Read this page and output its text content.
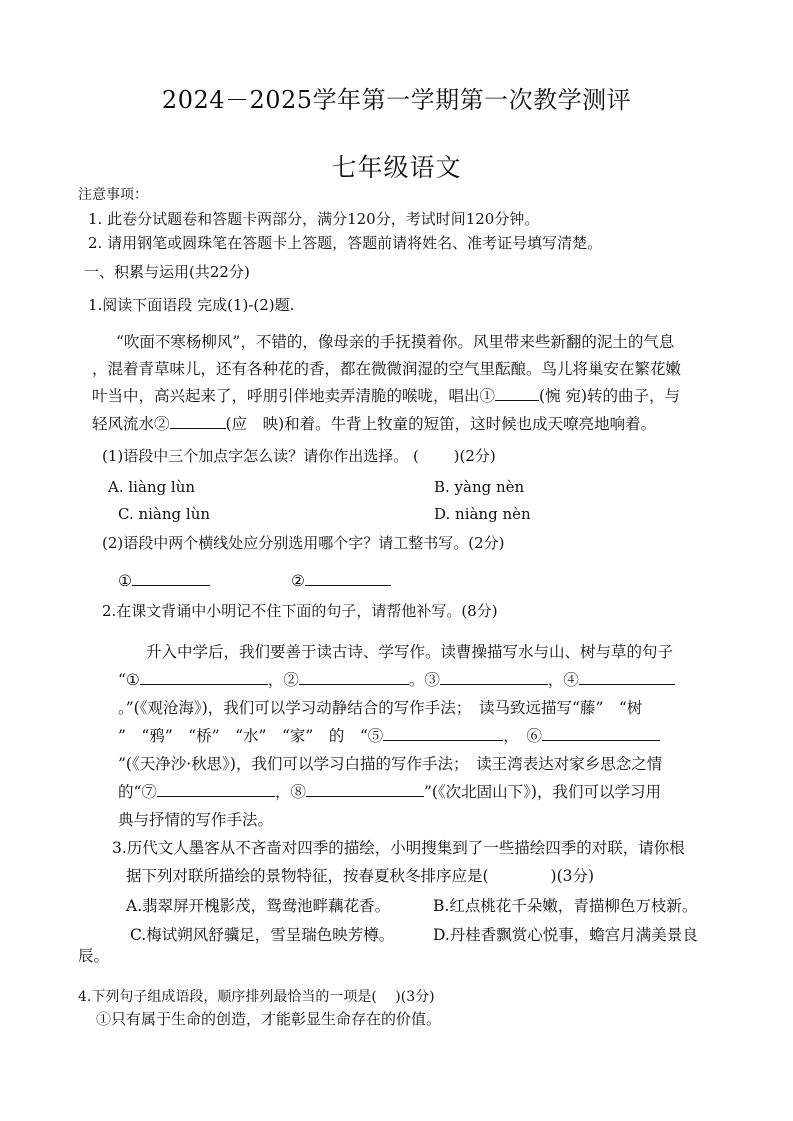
2024－2025学年第一学期第一次教学测评
七年级语文
注意事项：
1. 此卷分试题卷和答题卡两部分，满分120分，考试时间120分钟。
2. 请用钢笔或圆珠笔在答题卡上答题，答题前请将姓名、准考证号填写清楚。
一、积累与运用(共22分)
1.阅读下面语段 完成(1)-(2)题.
“吹面不寒杨柳风”，不错的，像母亲的手抚摸着你。风里带来些新翻的泥土的气息
，混着青草味儿，还有各种花的香，都在微微润湿的空气里酝酿。鸟儿将巢安在繁花嫩
叶当中，高兴起来了，呼朋引伴地卖弄清脆的喉咙，唱出①	(惋 宛)转的曲子，与
轻风流水②	(应　映)和着。牛背上牧童的短笛，这时候也成天嘹亮地响着。
(1)语段中三个加点字怎么读？请你作出选择。 (　　 )(2分)
A. liàng lùn	B. yàng nèn
C. niàng lùn	D. niàng nèn
(2)语段中两个横线处应分别选用哪个字？请工整书写。(2分)
①	②
2.在课文背诵中小明记不住下面的句子，请帮他补写。(8分)
升入中学后，我们要善于读古诗、学写作。读曹操描写水与山、树与草的句子
“①	，②	。③	，④
。”(《观沧海》)，我们可以学习动静结合的写作手法；　读马致远描写“藤”　“树
”　“鸦”　“桥”　“水”　“家”　的　“⑤	，　⑥
”(《天净沙·秋思》)，我们可以学习白描的写作手法；　读王湾表达对家乡思念之情
的“⑦	，⑧	”(《次北固山下》)，我们可以学习用
典与抒情的写作手法。
3.历代文人墨客从不吝啬对四季的描绘，小明搜集到了一些描绘四季的对联，请你根
据下列对联所描绘的景物特征，按春夏秋冬排序应是(　　　　)(3分)
A.翡翠屏开槐影茂，鸳鸯池畔藕花香。	B.红点桃花千朵嫩，青描柳色万枝新。
C.梅试朔风舒骥足，雪呈瑞色映芳樽。	D.丹桂香飘赏心悦事，蟾宫月满美景良
辰。
4.下列句子组成语段，顺序排列最恰当的一项是(　 )(3分)
①只有属于生命的创造，才能彰显生命存在的价值。
